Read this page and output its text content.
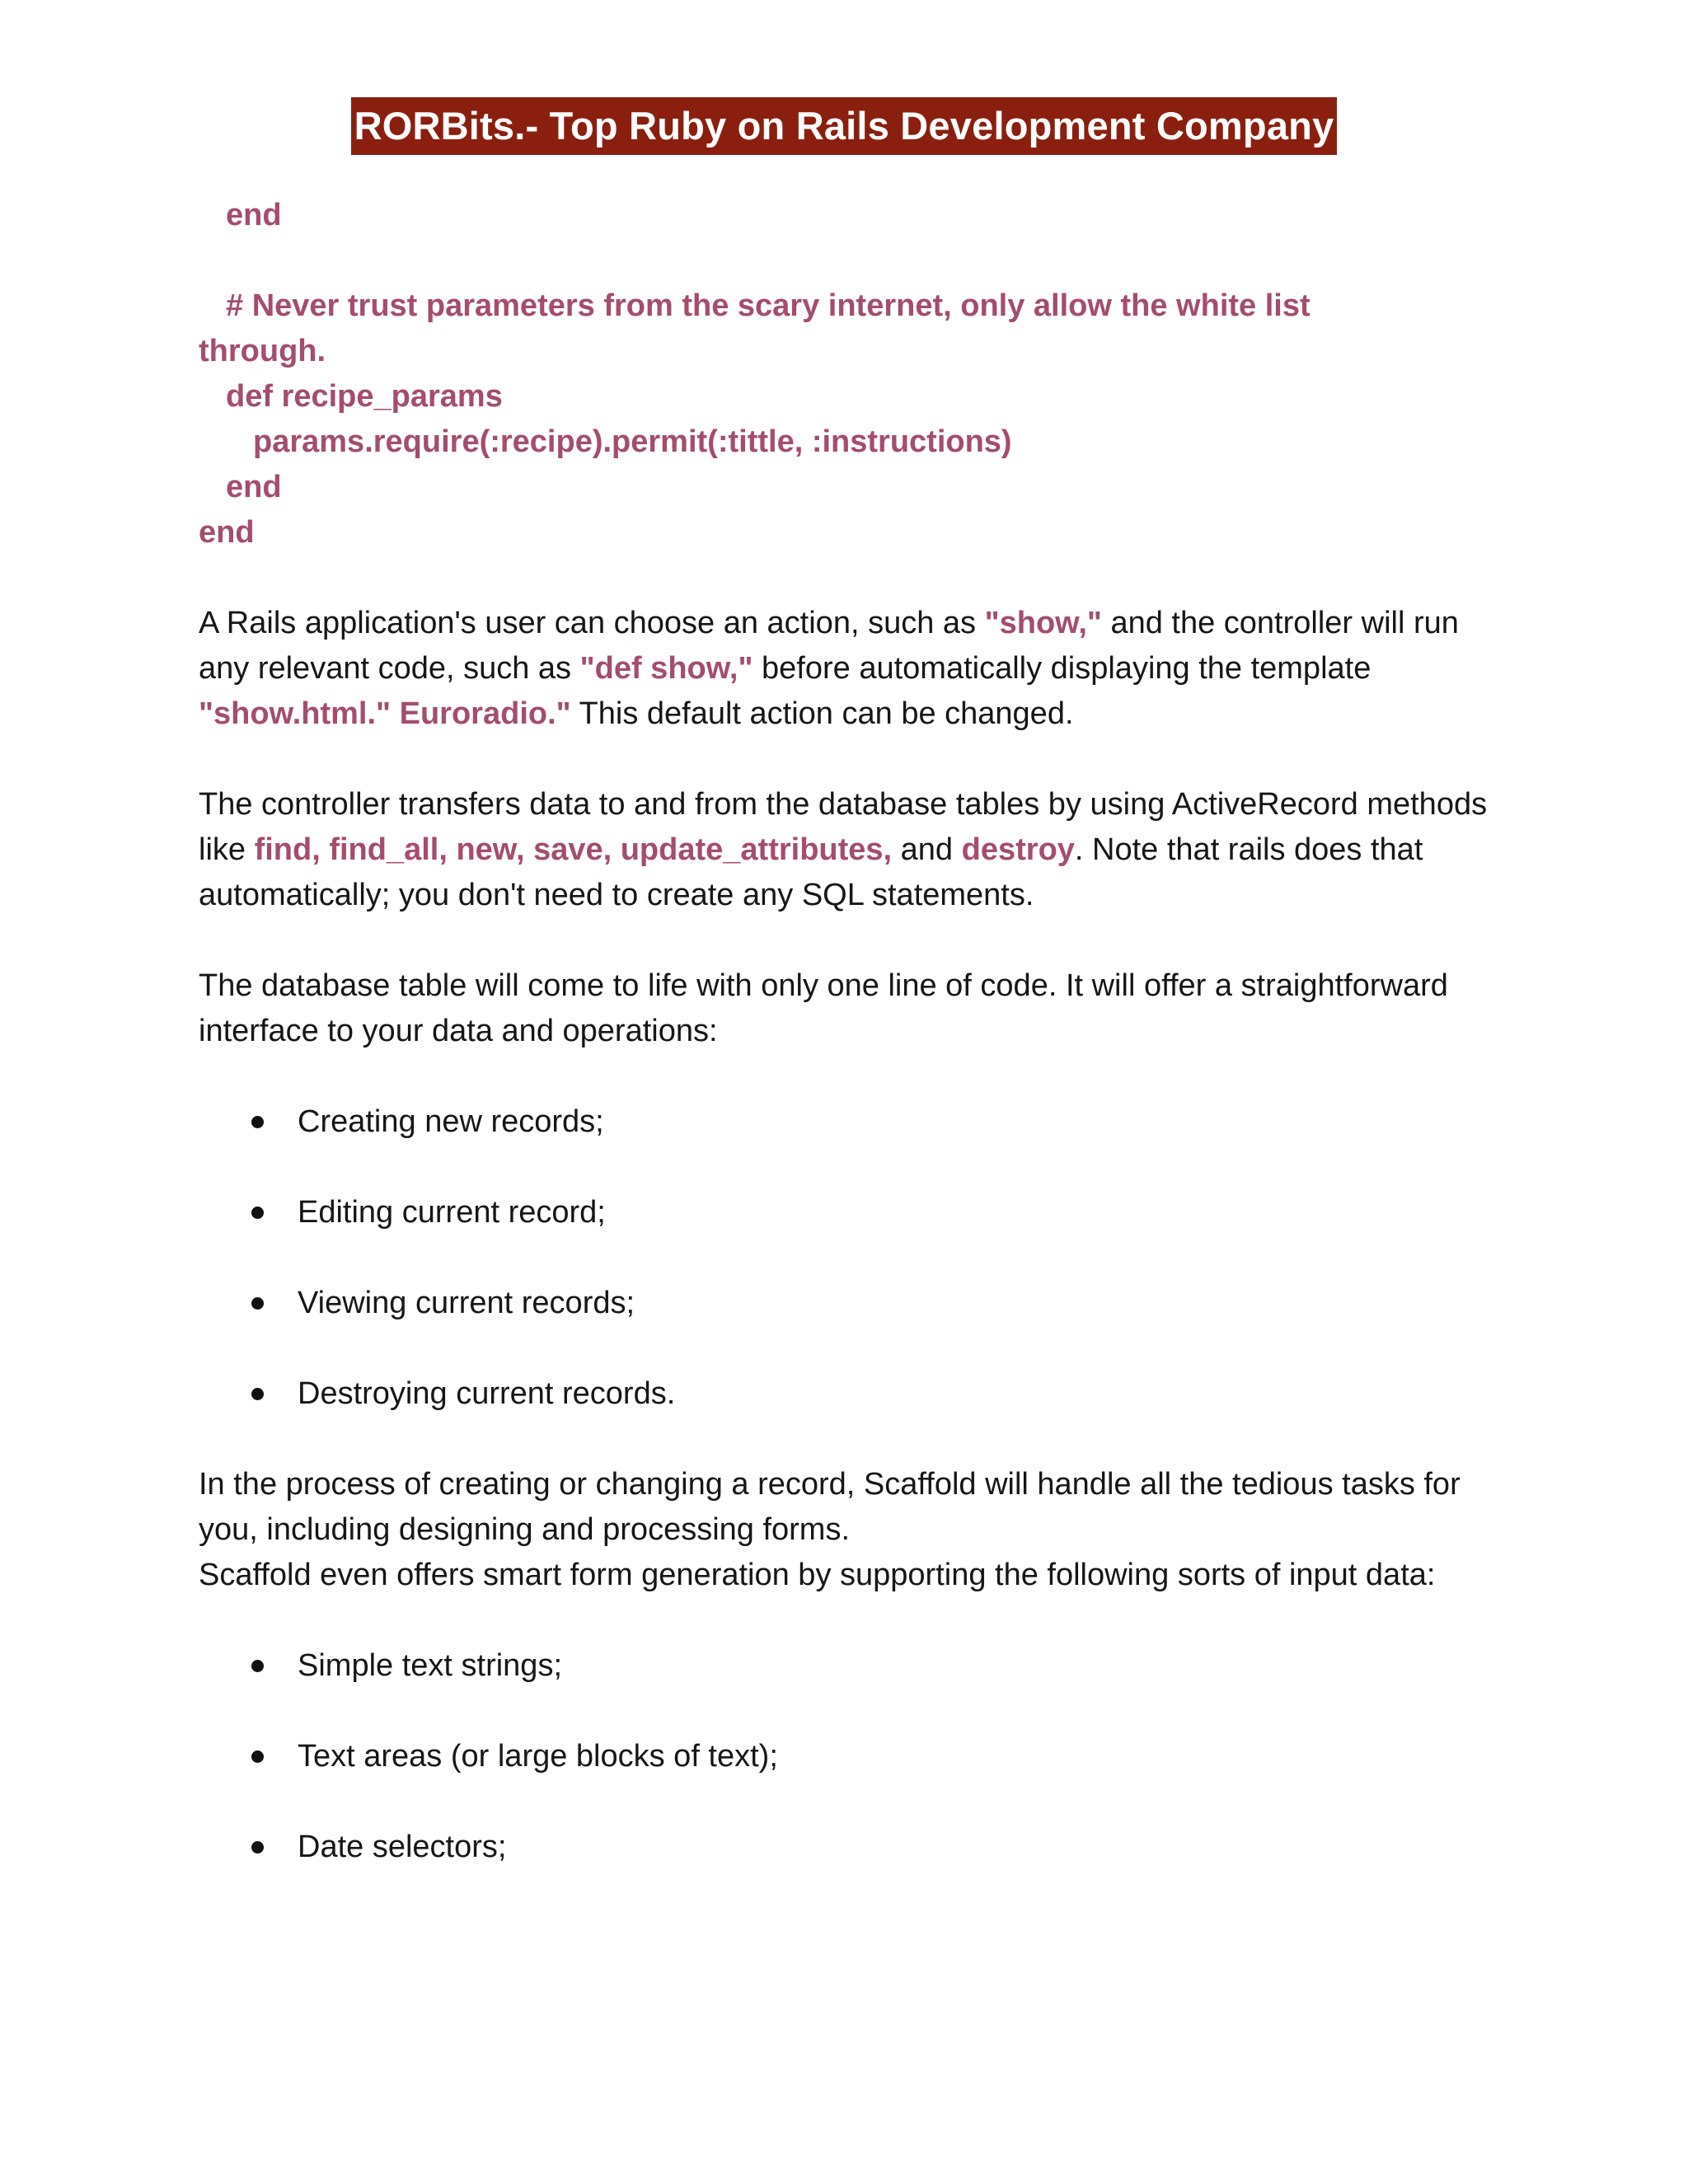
RORBits.- Top Ruby on Rails Development Company
end
# Never trust parameters from the scary internet, only allow the white list
through.
def recipe_params
params.require(:recipe).permit(:tittle, :instructions)
end
end

A Rails application's user can choose an action, such as "show," and the controller will run any relevant code, such as "def show," before automatically displaying the template "show.html." Euroradio." This default action can be changed.

The controller transfers data to and from the database tables by using ActiveRecord methods like find, find_all, new, save, update_attributes, and destroy. Note that rails does that automatically; you don't need to create any SQL statements.

The database table will come to life with only one line of code. It will offer a straightforward interface to your data and operations:

Creating new records;
Editing current record;
Viewing current records;
Destroying current records.

In the process of creating or changing a record, Scaffold will handle all the tedious tasks for you, including designing and processing forms.

Scaffold even offers smart form generation by supporting the following sorts of input data:

Simple text strings;
Text areas (or large blocks of text);
Date selectors;
